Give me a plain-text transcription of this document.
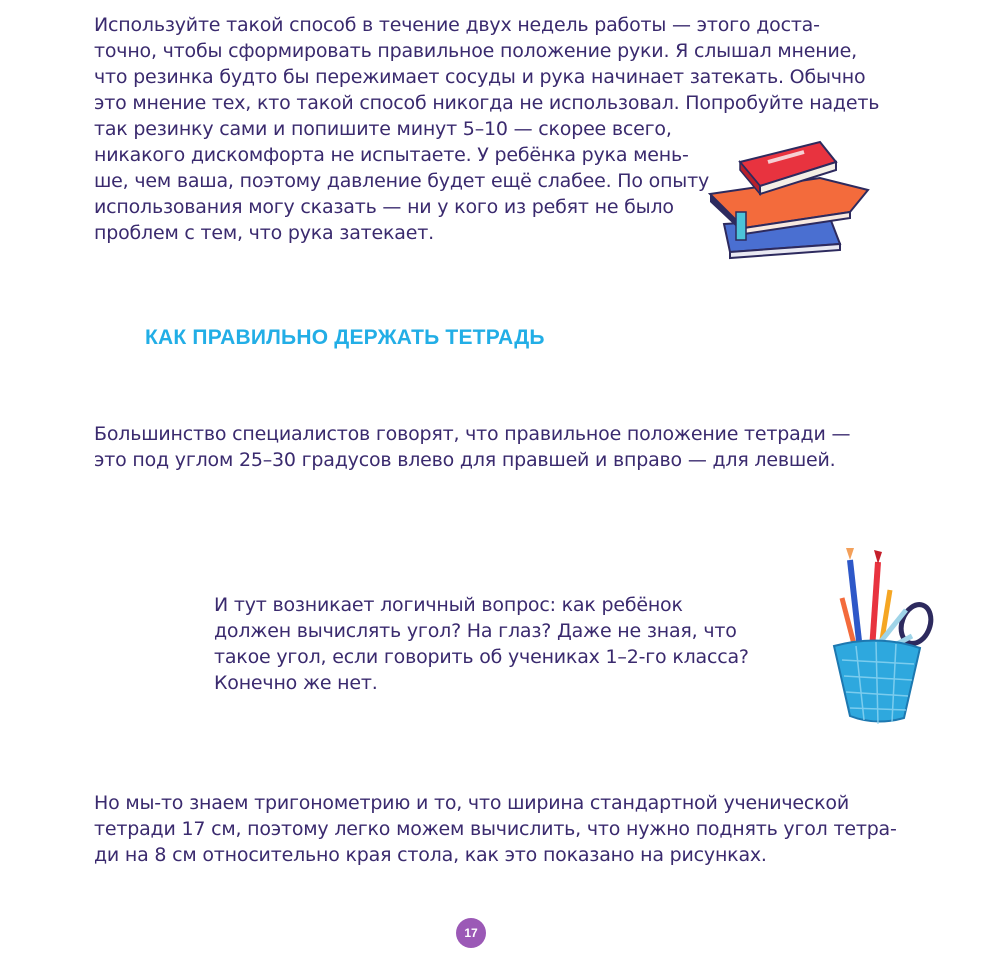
Используйте такой способ в течение двух недель работы — этого доста-
точно, чтобы сформировать правильное положение руки. Я слышал мнение,
что резинка будто бы пережимает сосуды и рука начинает затекать. Обычно
это мнение тех, кто такой способ никогда не использовал. Попробуйте надеть
так резинку сами и попишите минут 5–10 — скорее всего,
никакого дискомфорта не испытаете. У ребёнка рука мень-
ше, чем ваша, поэтому давление будет ещё слабее. По опыту
использования могу сказать — ни у кого из ребят не было
проблем с тем, что рука затекает.
КАК ПРАВИЛЬНО ДЕРЖАТЬ ТЕТРАДЬ
Большинство специалистов говорят, что правильное положение тетради —
это под углом 25–30 градусов влево для правшей и вправо — для левшей.
И тут возникает логичный вопрос: как ребёнок
должен вычислять угол? На глаз? Даже не зная, что
такое угол, если говорить об учениках 1–2-го класса?
Конечно же нет.
Но мы-то знаем тригонометрию и то, что ширина стандартной ученической
тетради 17 см, поэтому легко можем вычислить, что нужно поднять угол тетра-
ди на 8 см относительно края стола, как это показано на рисунках.
17
